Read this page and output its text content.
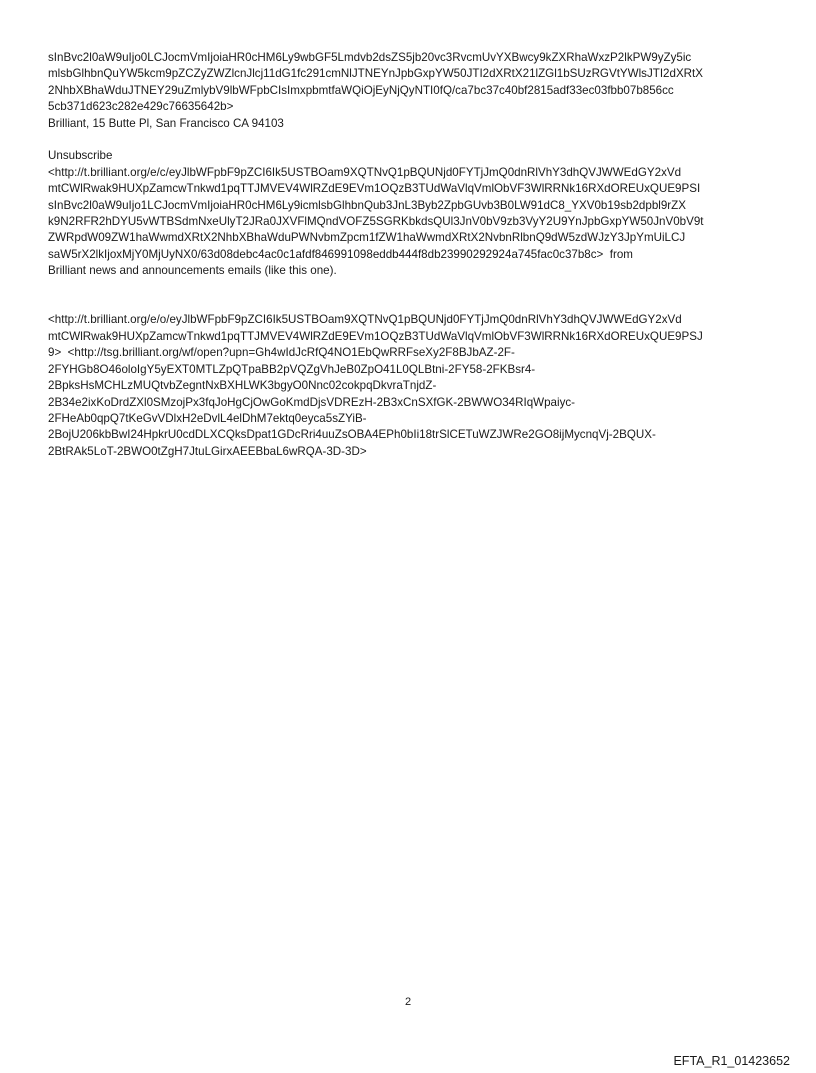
sInBvc2l0aW9uIjo0LCJocmVmIjoiaHR0cHM6Ly9wbGF5Lmdvb2dsZS5jb20vc3RvcmUvYXBwcy9kZXRhaWxzP2lkPW9yZy5ic
mlsbGlhbnQuYW5kcm9pZCZyZWZlcnJlcj11dG1fc291cmNlJTNEYnJpbGxpYW50JTI2dXRtX21lZGl1bSUzRGVtYWlsJTI2dXRtX
2NhbXBhaWduJTNEY29uZmlybV9lbWFpbCIsImxpbmtfaWQiOjEyNjQyNTI0fQ/ca7bc37c40bf2815adf33ec03fbb07b856cc
5cb371d623c282e429c76635642b>
Brilliant, 15 Butte Pl, San Francisco CA 94103
Unsubscribe
<http://t.brilliant.org/e/c/eyJlbWFpbF9pZCI6Ik5USTBOam9XQTNvQ1pBQUNjd0FYTjJmQ0dnRlVhY3dhQVJWWEdGY2xVd
mtCWlRwak9HUXpZamcwTnkwd1pqTTJMVEV4WlRZdE9EVm1OQzB3TUdWaVlqVmlObVF3WlRRNk16RXdOREUxQUE9PSI
sInBvc2l0aW9uIjo1LCJocmVmIjoiaHR0cHM6Ly9icmlsbGlhbnQub3JnL3Byb2ZpbGUvb3B0LW91dC8_YXV0b19sb2dpbl9rZX
k9N2RFR2hDYU5vWTBSdmNxeUlyT2JRa0JXVFlMQndVOFZ5SGRKbkdsQUl3JnV0bV9zb3VyY2U9YnJpbGxpYW50JnV0bV9t
ZWRpdW09ZW1haWwmdXRtX2NhbXBhaWduPWNvbmZpcm1fZW1haWwmdXRtX2NvbnRlbnQ9dW5zdWJzY3JpYmUiLCJ
saW5rX2lkIjoxMjY0MjUyNX0/63d08debc4ac0c1afdf846991098eddb444f8db23990292924a745fac0c37b8c>  from
Brilliant news and announcements emails (like this one).
<http://t.brilliant.org/e/o/eyJlbWFpbF9pZCI6Ik5USTBOam9XQTNvQ1pBQUNjd0FYTjJmQ0dnRlVhY3dhQVJWWEdGY2xVd
mtCWlRwak9HUXpZamcwTnkwd1pqTTJMVEV4WlRZdE9EVm1OQzB3TUdWaVlqVmlObVF3WlRRNk16RXdOREUxQUE9PSJ
9>  <http://tsg.brilliant.org/wf/open?upn=Gh4wIdJcRfQ4NO1EbQwRRFseXy2F8BJbAZ-2F-
2FYHGb8O46oloIgY5yEXT0MTLZpQTpaBB2pVQZgVhJeB0ZpO41L0QLBtni-2FY58-2FKBsr4-
2BpksHsMCHLzMUQtvbZegntNxBXHLWK3bgyO0Nnc02cokpqDkvraTnjdZ-
2B34e2ixKoDrdZXl0SMzojPx3fqJoHgCjOwGoKmdDjsVDREzH-2B3xCnSXfGK-2BWWO34RIqWpaiyc-
2FHeAb0qpQ7tKeGvVDlxH2eDvlL4elDhM7ektq0eyca5sZYiB-
2BojU206kbBwI24HpkrU0cdDLXCQksDpat1GDcRri4uuZsOBA4EPh0bIi18trSlCETuWZJWRe2GO8ijMycnqVj-2BQUX-
2BtRAk5LoT-2BWO0tZgH7JtuLGirxAEEBbaL6wRQA-3D-3D>
2
EFTA_R1_01423652
